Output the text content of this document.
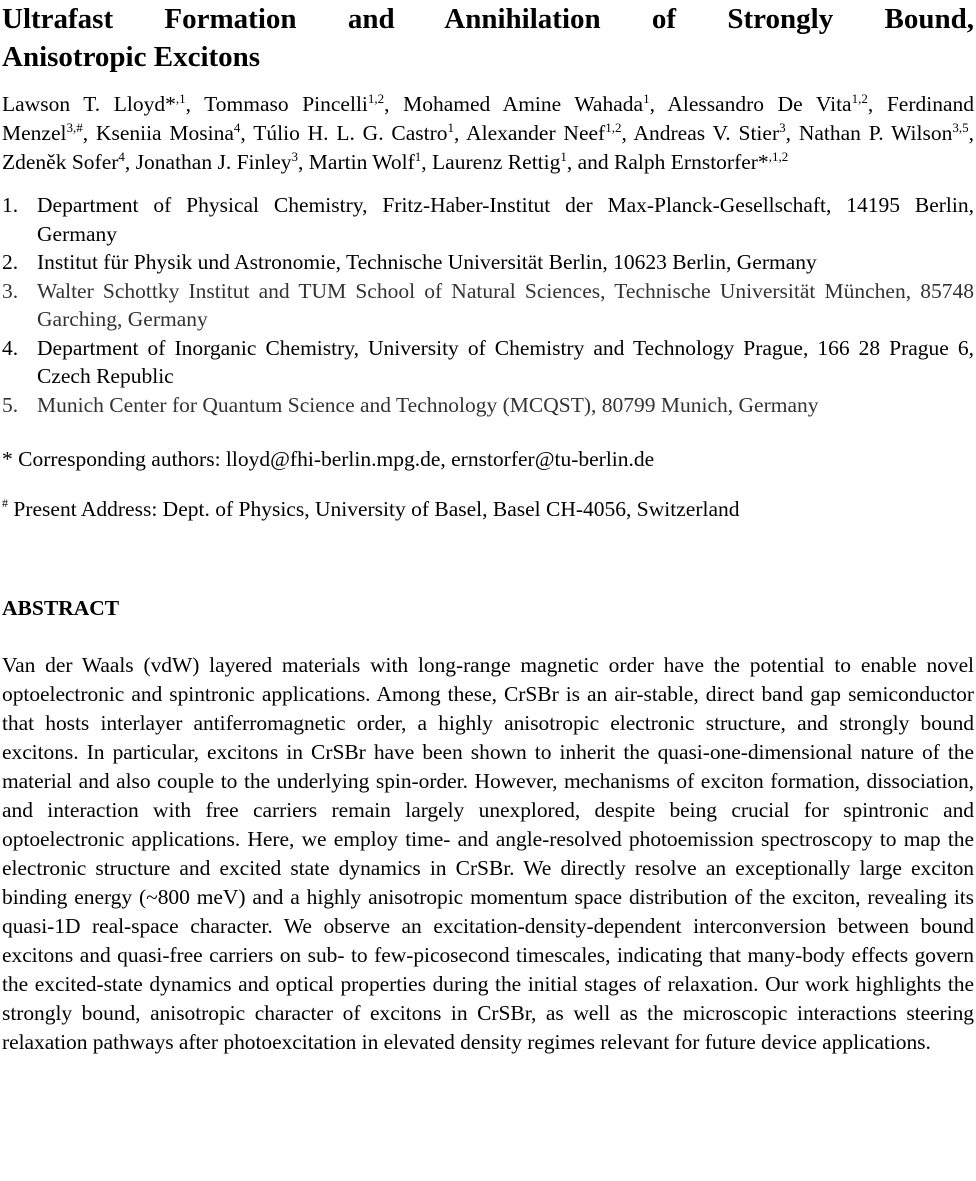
Ultrafast Formation and Annihilation of Strongly Bound,
Anisotropic Excitons

Lawson T. Lloyd*$^{,1}$, Tommaso Pincelli$^{1,2}$, Mohamed Amine Wahada$^1$, Alessandro De Vita$^{1,2}$, Ferdinand Menzel$^{3,\#}$, Kseniia Mosina$^4$, Túlio H. L. G. Castro$^1$, Alexander Neef$^{1,2}$, Andreas V. Stier$^3$, Nathan P. Wilson$^{3,5}$, Zdeněk Sofer$^4$, Jonathan J. Finley$^3$, Martin Wolf$^1$, Laurenz Rettig$^1$, and Ralph Ernstorfer*$^{,1,2}$

1. Department of Physical Chemistry, Fritz-Haber-Institut der Max-Planck-Gesellschaft, 14195 Berlin, Germany
2. Institut für Physik und Astronomie, Technische Universität Berlin, 10623 Berlin, Germany
3. Walter Schottky Institut and TUM School of Natural Sciences, Technische Universität München, 85748 Garching, Germany
4. Department of Inorganic Chemistry, University of Chemistry and Technology Prague, 166 28 Prague 6, Czech Republic
5. Munich Center for Quantum Science and Technology (MCQST), 80799 Munich, Germany

* Corresponding authors: lloyd@fhi-berlin.mpg.de, ernstorfer@tu-berlin.de

# Present Address: Dept. of Physics, University of Basel, Basel CH-4056, Switzerland

ABSTRACT

Van der Waals (vdW) layered materials with long-range magnetic order have the potential to enable novel optoelectronic and spintronic applications. Among these, CrSBr is an air-stable, direct band gap semiconductor that hosts interlayer antiferromagnetic order, a highly anisotropic electronic structure, and strongly bound excitons. In particular, excitons in CrSBr have been shown to inherit the quasi-one-dimensional nature of the material and also couple to the underlying spin-order. However, mechanisms of exciton formation, dissociation, and interaction with free carriers remain largely unexplored, despite being crucial for spintronic and optoelectronic applications. Here, we employ time- and angle-resolved photoemission spectroscopy to map the electronic structure and excited state dynamics in CrSBr. We directly resolve an exceptionally large exciton binding energy (~800 meV) and a highly anisotropic momentum space distribution of the exciton, revealing its quasi-1D real-space character. We observe an excitation-density-dependent interconversion between bound excitons and quasi-free carriers on sub- to few-picosecond timescales, indicating that many-body effects govern the excited-state dynamics and optical properties during the initial stages of relaxation. Our work highlights the strongly bound, anisotropic character of excitons in CrSBr, as well as the microscopic interactions steering relaxation pathways after photoexcitation in elevated density regimes relevant for future device applications.
